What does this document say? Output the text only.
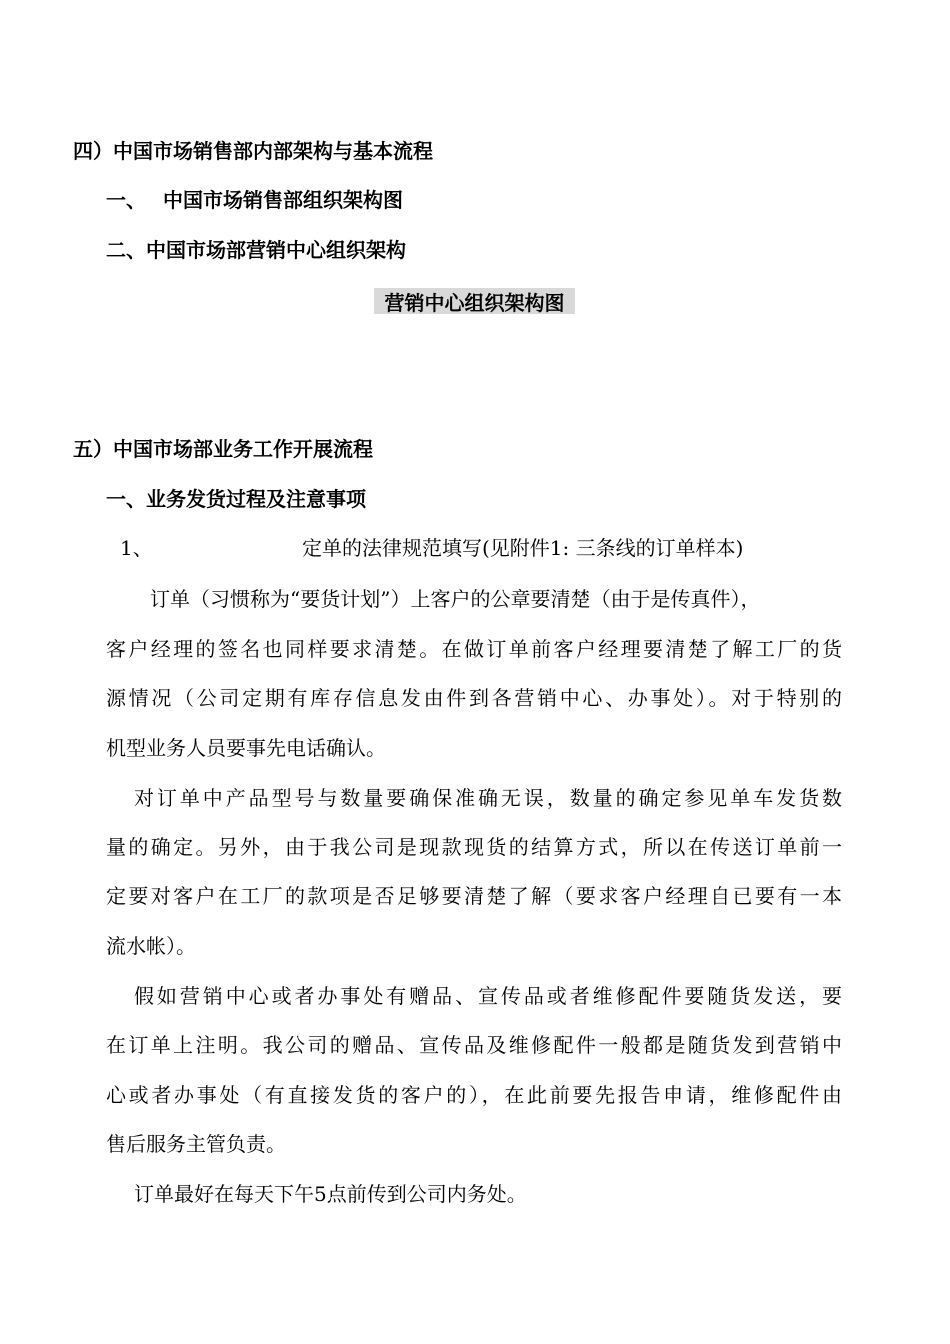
四）中国市场销售部内部架构与基本流程
一、 中国市场销售部组织架构图
二、中国市场部营销中心组织架构
营销中心组织架构图
五）中国市场部业务工作开展流程
一、业务发货过程及注意事项
1、	定单的法律规范填写(见附件1: 三条线的订单样本)
订单（习惯称为“要货计划”）上客户的公章要清楚（由于是传真件），
客户经理的签名也同样要求清楚。在做订单前客户经理要清楚了解工厂的货
源情况（公司定期有库存信息发由件到各营销中心、办事处）。对于特别的
机型业务人员要事先电话确认。
对订单中产品型号与数量要确保准确无误，数量的确定参见单车发货数
量的确定。另外，由于我公司是现款现货的结算方式，所以在传送订单前一
定要对客户在工厂的款项是否足够要清楚了解（要求客户经理自已要有一本
流水帐）。
假如营销中心或者办事处有赠品、宣传品或者维修配件要随货发送，要
在订单上注明。我公司的赠品、宣传品及维修配件一般都是随货发到营销中
心或者办事处（有直接发货的客户的），在此前要先报告申请，维修配件由
售后服务主管负责。
订单最好在每天下午5点前传到公司内务处。
